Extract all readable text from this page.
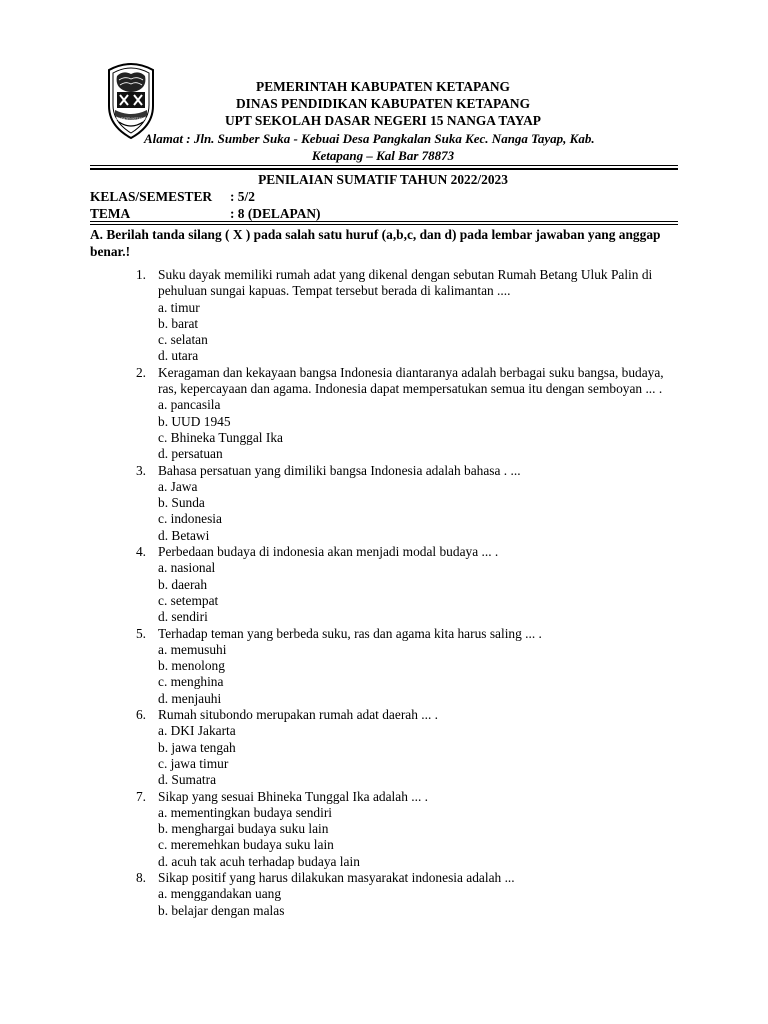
KABUPATEN KETAPANG
PEMERINTAH KABUPATEN KETAPANG
DINAS PENDIDIKAN KABUPATEN KETAPANG
UPT SEKOLAH DASAR NEGERI 15 NANGA TAYAP
Alamat : Jln. Sumber Suka - Kebuai Desa Pangkalan Suka Kec. Nanga Tayap, Kab.
Ketapang – Kal Bar 78873
PENILAIAN SUMATIF TAHUN 2022/2023
KELAS/SEMESTER : 5/2
TEMA	: 8 (DELAPAN)
A. Berilah tanda silang ( X ) pada salah satu huruf (a,b,c, dan d) pada lembar jawaban yang anggap benar.!
1. Suku dayak memiliki rumah adat yang dikenal dengan sebutan Rumah Betang Uluk Palin di pehuluan sungai kapuas. Tempat tersebut berada di kalimantan ....
a. timur
b. barat
c. selatan
d. utara
2. Keragaman dan kekayaan bangsa Indonesia diantaranya adalah berbagai suku bangsa, budaya, ras, kepercayaan dan agama. Indonesia dapat mempersatukan semua itu dengan semboyan ... .
a. pancasila
b. UUD 1945
c. Bhineka Tunggal Ika
d. persatuan
3. Bahasa persatuan yang dimiliki bangsa Indonesia adalah bahasa . ...
a. Jawa
b. Sunda
c. indonesia
d. Betawi
4. Perbedaan budaya di indonesia akan menjadi modal budaya ... .
a. nasional
b. daerah
c. setempat
d. sendiri
5. Terhadap teman yang berbeda suku, ras dan agama kita harus saling ... .
a. memusuhi
b. menolong
c. menghina
d. menjauhi
6. Rumah situbondo merupakan rumah adat daerah ... .
a. DKI Jakarta
b. jawa tengah
c. jawa timur
d. Sumatra
7. Sikap yang sesuai Bhineka Tunggal Ika adalah ... .
a. mementingkan budaya sendiri
b. menghargai budaya suku lain
c. meremehkan budaya suku lain
d. acuh tak acuh terhadap budaya lain
8. Sikap positif yang harus dilakukan masyarakat indonesia adalah ...
a. menggandakan uang
b. belajar dengan malas
